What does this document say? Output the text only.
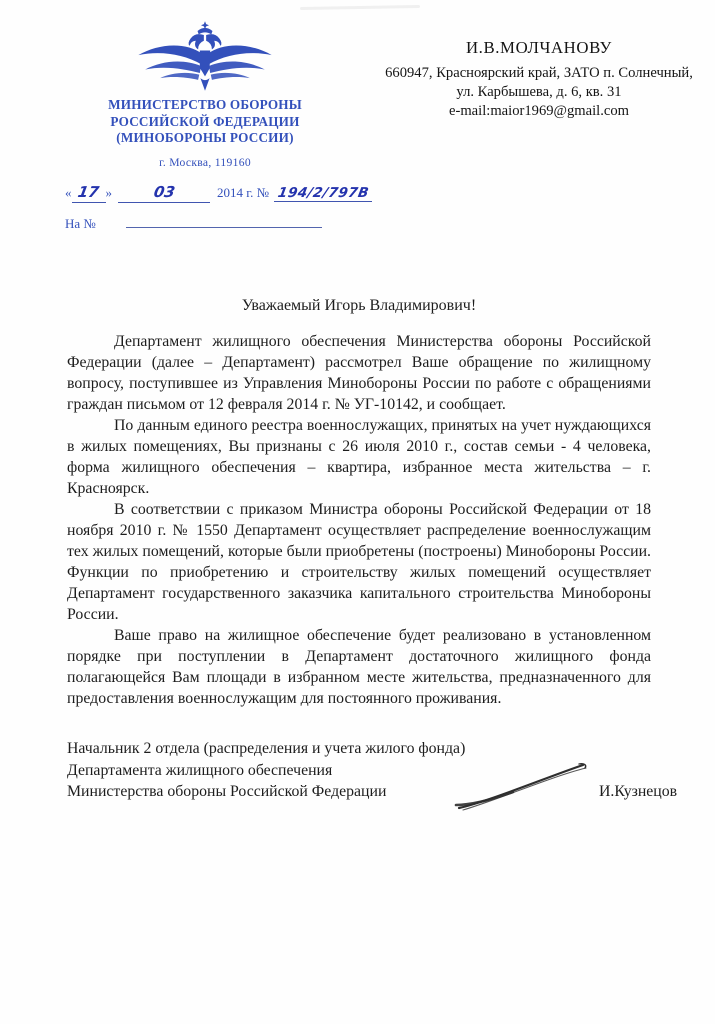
МИНИСТЕРСТВО ОБОРОНЫ
РОССИЙСКОЙ ФЕДЕРАЦИИ
(МИНОБОРОНЫ РОССИИ)
г. Москва, 119160
И.В.МОЛЧАНОВУ
660947, Красноярский край, ЗАТО п. Солнечный,
ул. Карбышева, д. 6, кв. 31
e-mail:maior1969@gmail.com
« 17 »	03	2014 г. № 194/2/797В
На №
Уважаемый Игорь Владимирович!

Департамент жилищного обеспечения Министерства обороны Российской Федерации (далее – Департамент) рассмотрел Ваше обращение по жилищному вопросу, поступившее из Управления Минобороны России по работе с обращениями граждан письмом от 12 февраля 2014 г. № УГ-10142, и сообщает.

По данным единого реестра военнослужащих, принятых на учет нуждающихся в жилых помещениях, Вы признаны с 26 июля 2010 г., состав семьи - 4 человека, форма жилищного обеспечения – квартира, избранное места жительства – г. Красноярск.

В соответствии с приказом Министра обороны Российской Федерации от 18 ноября 2010 г. № 1550 Департамент осуществляет распределение военнослужащим тех жилых помещений, которые были приобретены (построены) Минобороны России. Функции по приобретению и строительству жилых помещений осуществляет Департамент государственного заказчика капитального строительства Минобороны России.

Ваше право на жилищное обеспечение будет реализовано в установленном порядке при поступлении в Департамент достаточного жилищного фонда полагающейся Вам площади в избранном месте жительства, предназначенного для предоставления военнослужащим для постоянного проживания.

Начальник 2 отдела (распределения и учета жилого фонда)
Департамента жилищного обеспечения
Министерства обороны Российской Федерации	И.Кузнецов
